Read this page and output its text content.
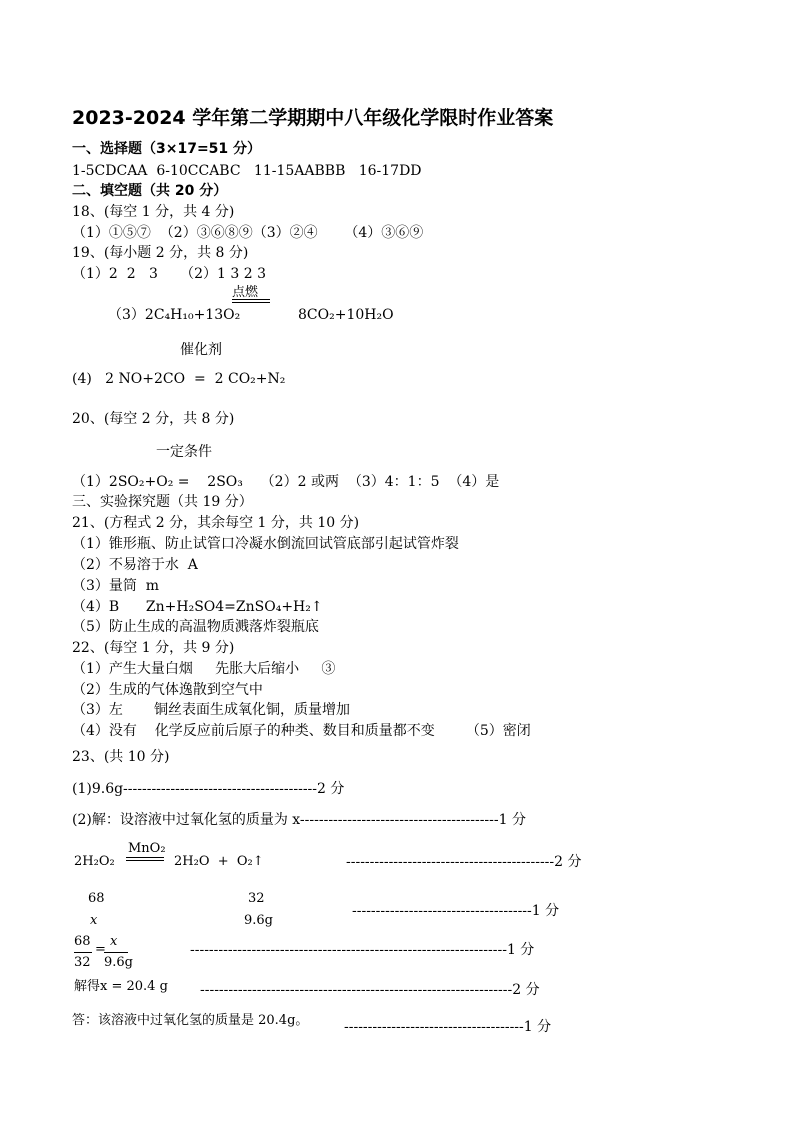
2023-2024 学年第二学期期中八年级化学限时作业答案
一、选择题（3×17=51 分）
1-5CDCAA  6-10CCABC   11-15AABBB   16-17DD
二、填空题（共 20 分）
18、(每空 1 分，共 4 分)
（1）①⑤⑦  （2）③⑥⑧⑨（3）②④      （4）③⑥⑨
19、(每小题 2 分，共 8 分)
（1）2  2   3     （2）1 3 2 3
点燃
（3）2C₄H₁₀+13O₂	8CO₂+10H₂O
催化剂
(4)   2 NO+2CO  =  2 CO₂+N₂
20、(每空 2 分，共 8 分)
一定条件
（1）2SO₂+O₂ =    2SO₃    （2）2 或两  （3）4：1：5  （4）是
三、实验探究题（共 19 分）
21、(方程式 2 分，其余每空 1 分，共 10 分)
（1）锥形瓶、防止试管口冷凝水倒流回试管底部引起试管炸裂
（2）不易溶于水  A
（3）量筒  m
（4）B      Zn+H₂SO4=ZnSO₄+H₂↑
（5）防止生成的高温物质溅落炸裂瓶底
22、(每空 1 分，共 9 分)
（1）产生大量白烟     先胀大后缩小     ③
（2）生成的气体逸散到空气中
（3）左       铜丝表面生成氧化铜，质量增加
（4）没有    化学反应前后原子的种类、数目和质量都不变       （5）密闭
23、(共 10 分)
(1)9.6g-----------------------------------------2 分
(2)解：设溶液中过氧化氢的质量为 x------------------------------------------1 分
MnO₂
2H₂O₂	2H₂O  +  O₂↑	--------------------------------------------2 分
68	32
x	9.6g
--------------------------------------1 分
68
32
=
x
9.6g
-------------------------------------------------------------------1 分
解得x = 20.4 g ------------------------------------------------------------------2 分
答：该溶液中过氧化氢的质量是 20.4g。	--------------------------------------1 分
